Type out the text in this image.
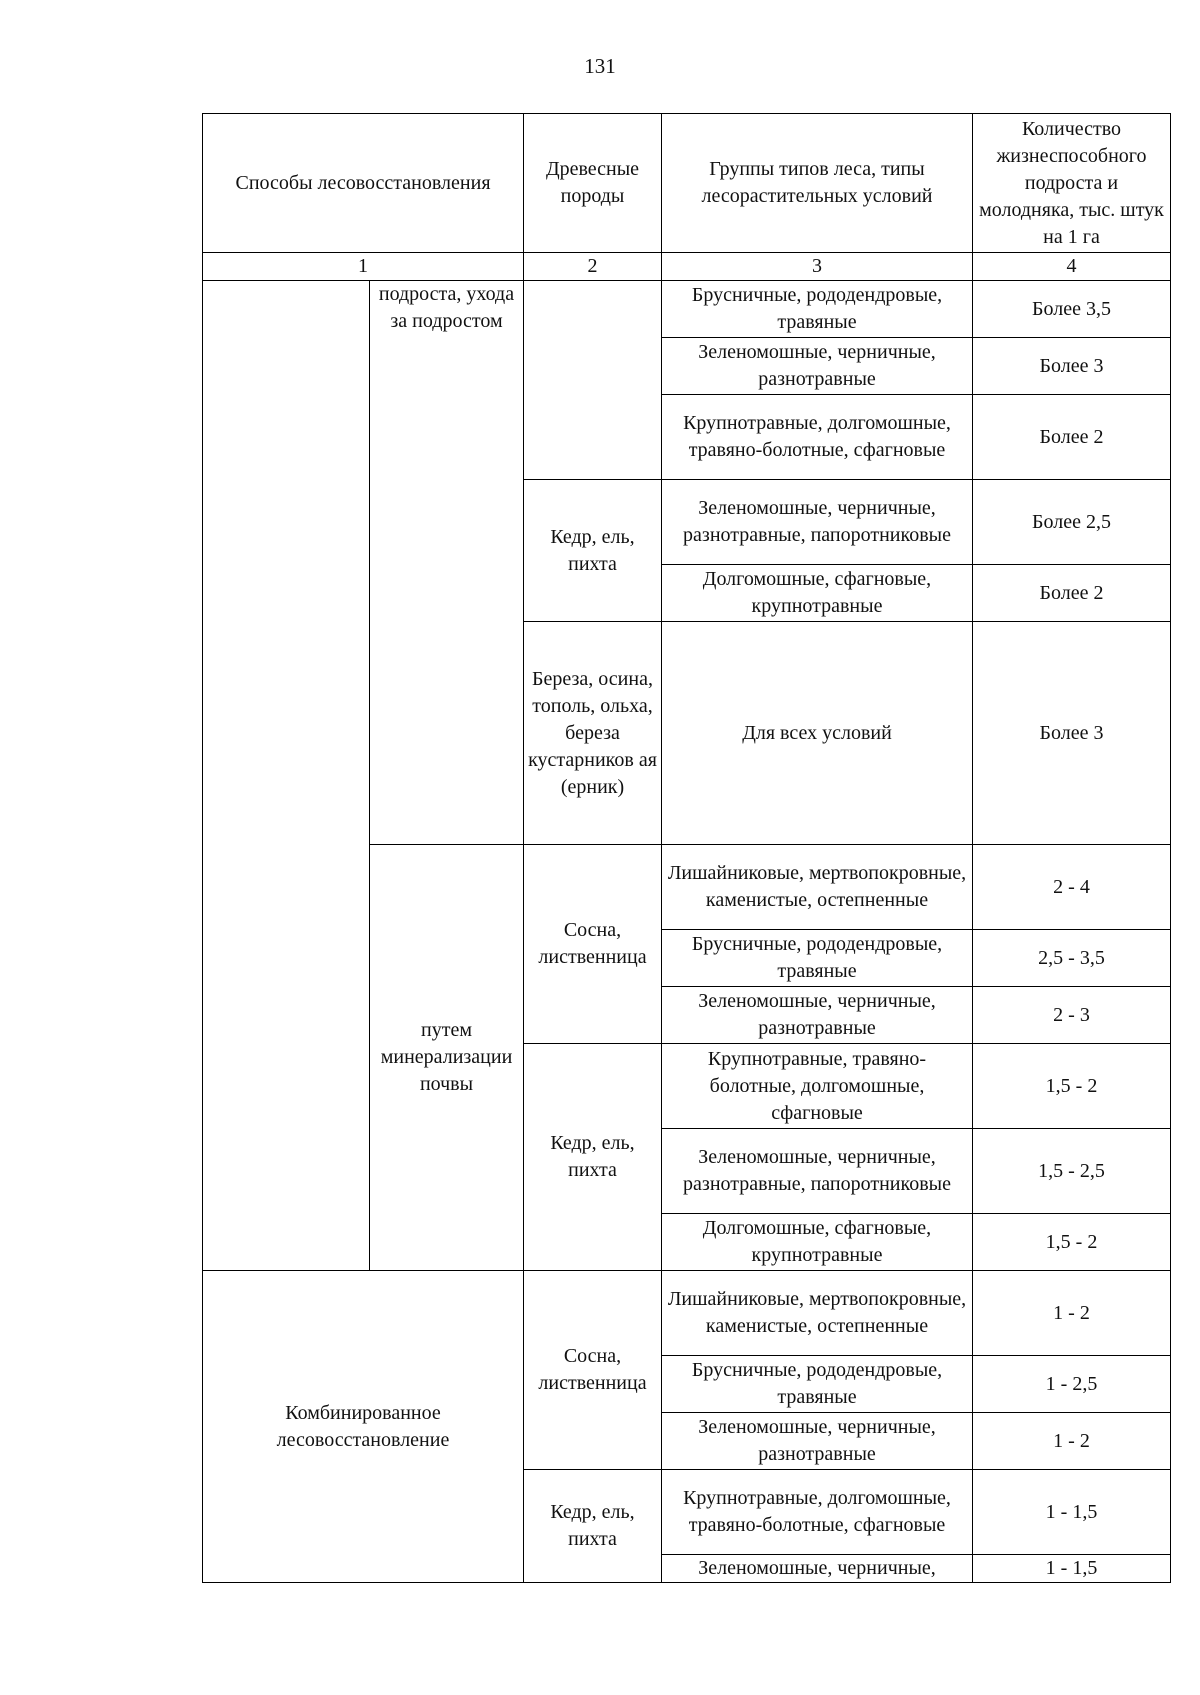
131
Способы лесовосстановления		Древесные породы	Группы типов леса, типы лесорастительных условий	Количество жизнеспособного подроста и молодняка, тыс. штук на 1 га
1		2	3	4
	подроста, ухода за подростом		Брусничные, рододендровые, травяные	Более 3,5
			Зеленомошные, черничные, разнотравные	Более 3
			Крупнотравные, долгомошные, травяно-болотные, сфагновые	Более 2
		Кедр, ель, пихта	Зеленомошные, черничные, разнотравные, папоротниковые	Более 2,5
			Долгомошные, сфагновые, крупнотравные	Более 2
		Береза, осина, тополь, ольха, береза кустарников ая (ерник)	Для всех условий	Более 3
	путем минерализации почвы	Сосна, лиственница	Лишайниковые, мертвопокровные, каменистые, остепненные	2 - 4
			Брусничные, рододендровые, травяные	2,5 - 3,5
			Зеленомошные, черничные, разнотравные	2 - 3
		Кедр, ель, пихта	Крупнотравные, травяно-болотные, долгомошные, сфагновые	1,5 - 2
			Зеленомошные, черничные, разнотравные, папоротниковые	1,5 - 2,5
			Долгомошные, сфагновые, крупнотравные	1,5 - 2
Комбинированное лесовосстановление		Сосна, лиственница	Лишайниковые, мертвопокровные, каменистые, остепненные	1 - 2
			Брусничные, рододендровые, травяные	1 - 2,5
			Зеленомошные, черничные, разнотравные	1 - 2
		Кедр, ель, пихта	Крупнотравные, долгомошные, травяно-болотные, сфагновые	1 - 1,5
			Зеленомошные, черничные,	1 - 1,5
